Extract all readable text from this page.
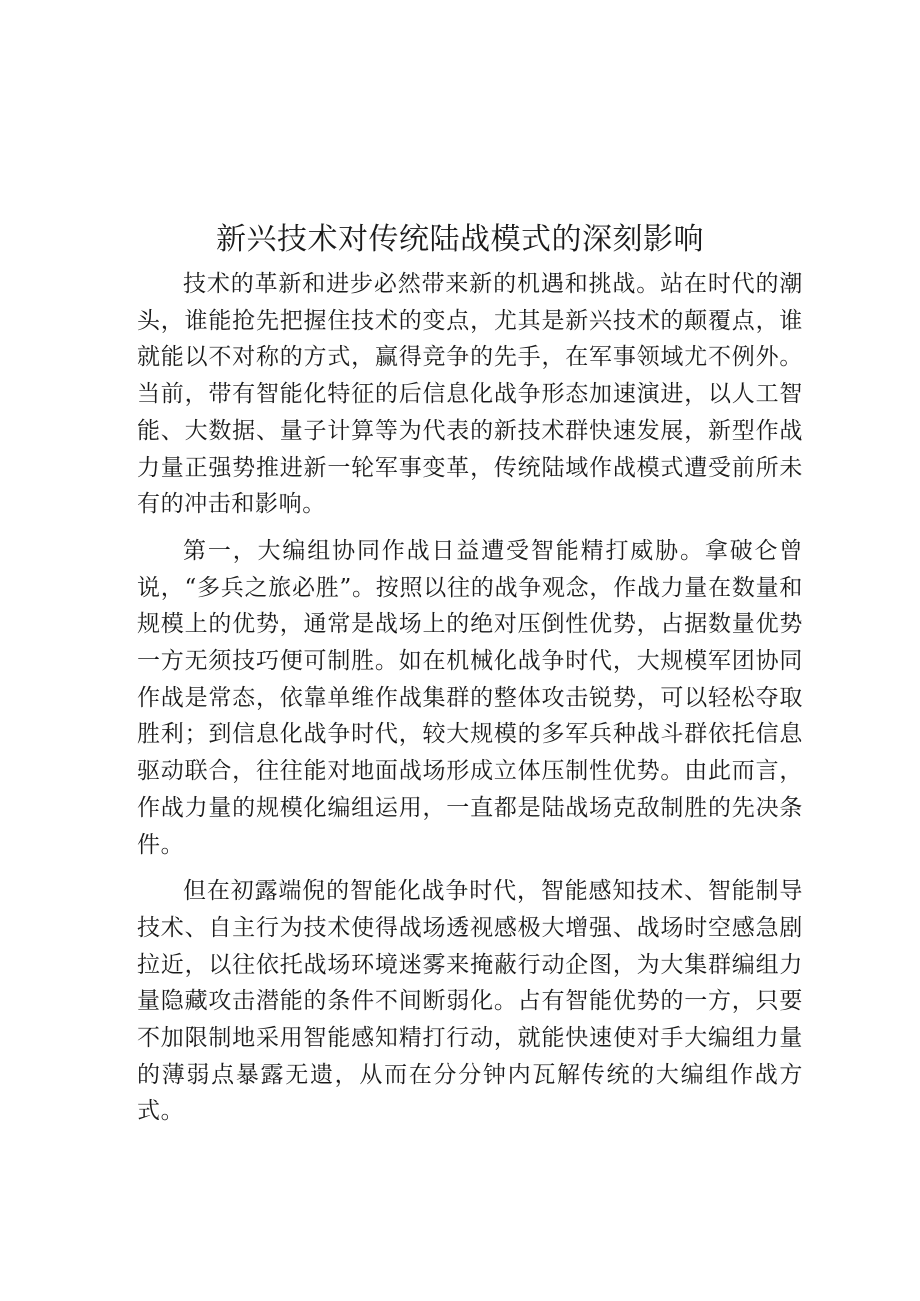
新兴技术对传统陆战模式的深刻影响

技术的革新和进步必然带来新的机遇和挑战。站在时代的潮头，谁能抢先把握住技术的变点，尤其是新兴技术的颠覆点，谁就能以不对称的方式，赢得竞争的先手，在军事领域尤不例外。当前，带有智能化特征的后信息化战争形态加速演进，以人工智能、大数据、量子计算等为代表的新技术群快速发展，新型作战力量正强势推进新一轮军事变革，传统陆域作战模式遭受前所未有的冲击和影响。

第一，大编组协同作战日益遭受智能精打威胁。拿破仑曾说，“多兵之旅必胜”。按照以往的战争观念，作战力量在数量和规模上的优势，通常是战场上的绝对压倒性优势，占据数量优势一方无须技巧便可制胜。如在机械化战争时代，大规模军团协同作战是常态，依靠单维作战集群的整体攻击锐势，可以轻松夺取胜利；到信息化战争时代，较大规模的多军兵种战斗群依托信息驱动联合，往往能对地面战场形成立体压制性优势。由此而言，作战力量的规模化编组运用，一直都是陆战场克敌制胜的先决条件。

但在初露端倪的智能化战争时代，智能感知技术、智能制导技术、自主行为技术使得战场透视感极大增强、战场时空感急剧拉近，以往依托战场环境迷雾来掩蔽行动企图，为大集群编组力量隐藏攻击潜能的条件不间断弱化。占有智能优势的一方，只要不加限制地采用智能感知精打行动，就能快速使对手大编组力量的薄弱点暴露无遗，从而在分分钟内瓦解传统的大编组作战方式。
